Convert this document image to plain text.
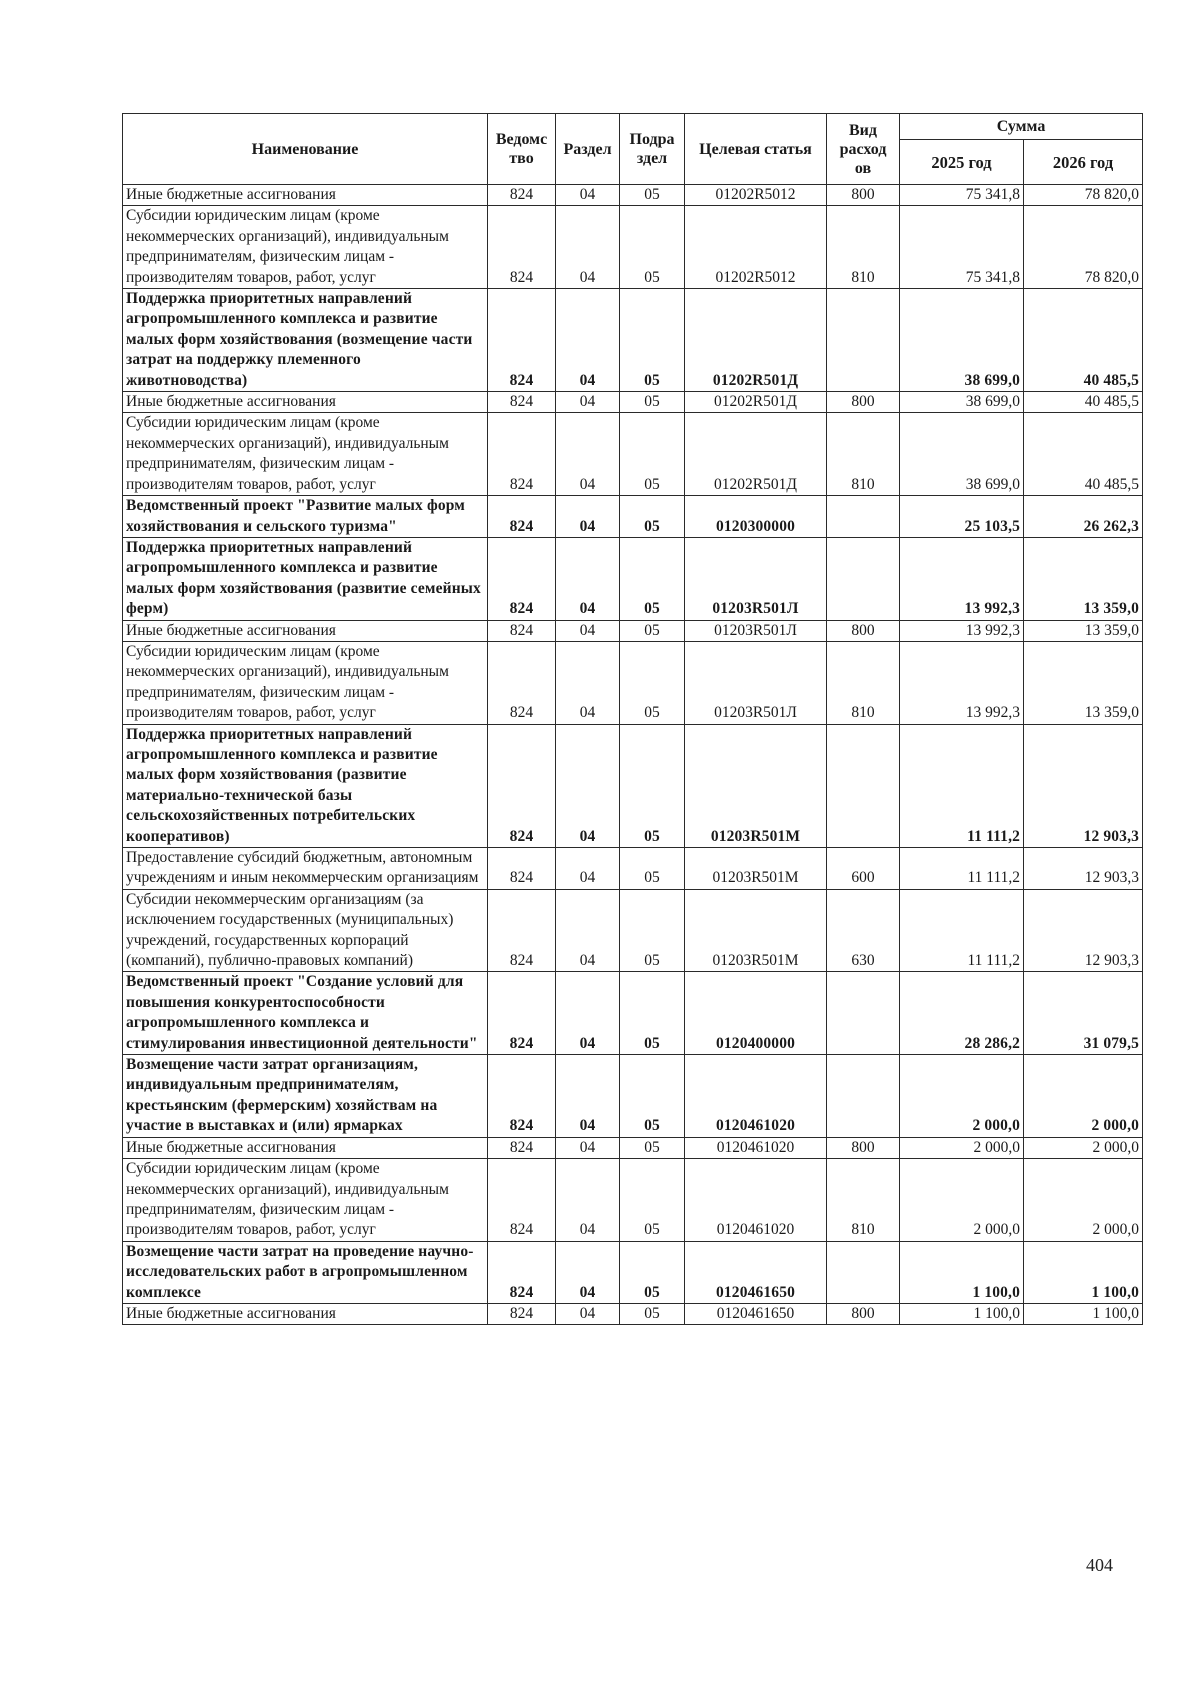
Наименование	Ведомс тво	Раздел	Подра здел	Целевая статья	Вид расход ов	Сумма	
						2025 год	2026 год
Иные бюджетные ассигнования	824	04	05	01202R5012	800	75 341,8	78 820,0
Субсидии юридическим лицам (кроме некоммерческих организаций), индивидуальным предпринимателям, физическим лицам - производителям товаров, работ, услуг	824	04	05	01202R5012	810	75 341,8	78 820,0
Поддержка приоритетных направлений агропромышленного комплекса и развитие малых форм хозяйствования (возмещение части затрат на поддержку племенного животноводства)	824	04	05	01202R501Д		38 699,0	40 485,5
Иные бюджетные ассигнования	824	04	05	01202R501Д	800	38 699,0	40 485,5
Субсидии юридическим лицам (кроме некоммерческих организаций), индивидуальным предпринимателям, физическим лицам - производителям товаров, работ, услуг	824	04	05	01202R501Д	810	38 699,0	40 485,5
Ведомственный проект "Развитие малых форм хозяйствования и сельского туризма"	824	04	05	0120300000		25 103,5	26 262,3
Поддержка приоритетных направлений агропромышленного комплекса и развитие малых форм хозяйствования (развитие семейных ферм)	824	04	05	01203R501Л		13 992,3	13 359,0
Иные бюджетные ассигнования	824	04	05	01203R501Л	800	13 992,3	13 359,0
Субсидии юридическим лицам (кроме некоммерческих организаций), индивидуальным предпринимателям, физическим лицам - производителям товаров, работ, услуг	824	04	05	01203R501Л	810	13 992,3	13 359,0
Поддержка приоритетных направлений агропромышленного комплекса и развитие малых форм хозяйствования (развитие материально-технической базы сельскохозяйственных потребительских кооперативов)	824	04	05	01203R501М		11 111,2	12 903,3
Предоставление субсидий бюджетным, автономным учреждениям и иным некоммерческим организациям	824	04	05	01203R501М	600	11 111,2	12 903,3
Субсидии некоммерческим организациям (за исключением государственных (муниципальных) учреждений, государственных корпораций (компаний), публично-правовых компаний)	824	04	05	01203R501М	630	11 111,2	12 903,3
Ведомственный проект "Создание условий для повышения конкурентоспособности агропромышленного комплекса и стимулирования инвестиционной деятельности"	824	04	05	0120400000		28 286,2	31 079,5
Возмещение части затрат организациям, индивидуальным предпринимателям, крестьянским (фермерским) хозяйствам на участие в выставках и (или) ярмарках	824	04	05	0120461020		2 000,0	2 000,0
Иные бюджетные ассигнования	824	04	05	0120461020	800	2 000,0	2 000,0
Субсидии юридическим лицам (кроме некоммерческих организаций), индивидуальным предпринимателям, физическим лицам - производителям товаров, работ, услуг	824	04	05	0120461020	810	2 000,0	2 000,0
Возмещение части затрат на проведение научно-исследовательских работ в агропромышленном комплексе	824	04	05	0120461650		1 100,0	1 100,0
Иные бюджетные ассигнования	824	04	05	0120461650	800	1 100,0	1 100,0
404
